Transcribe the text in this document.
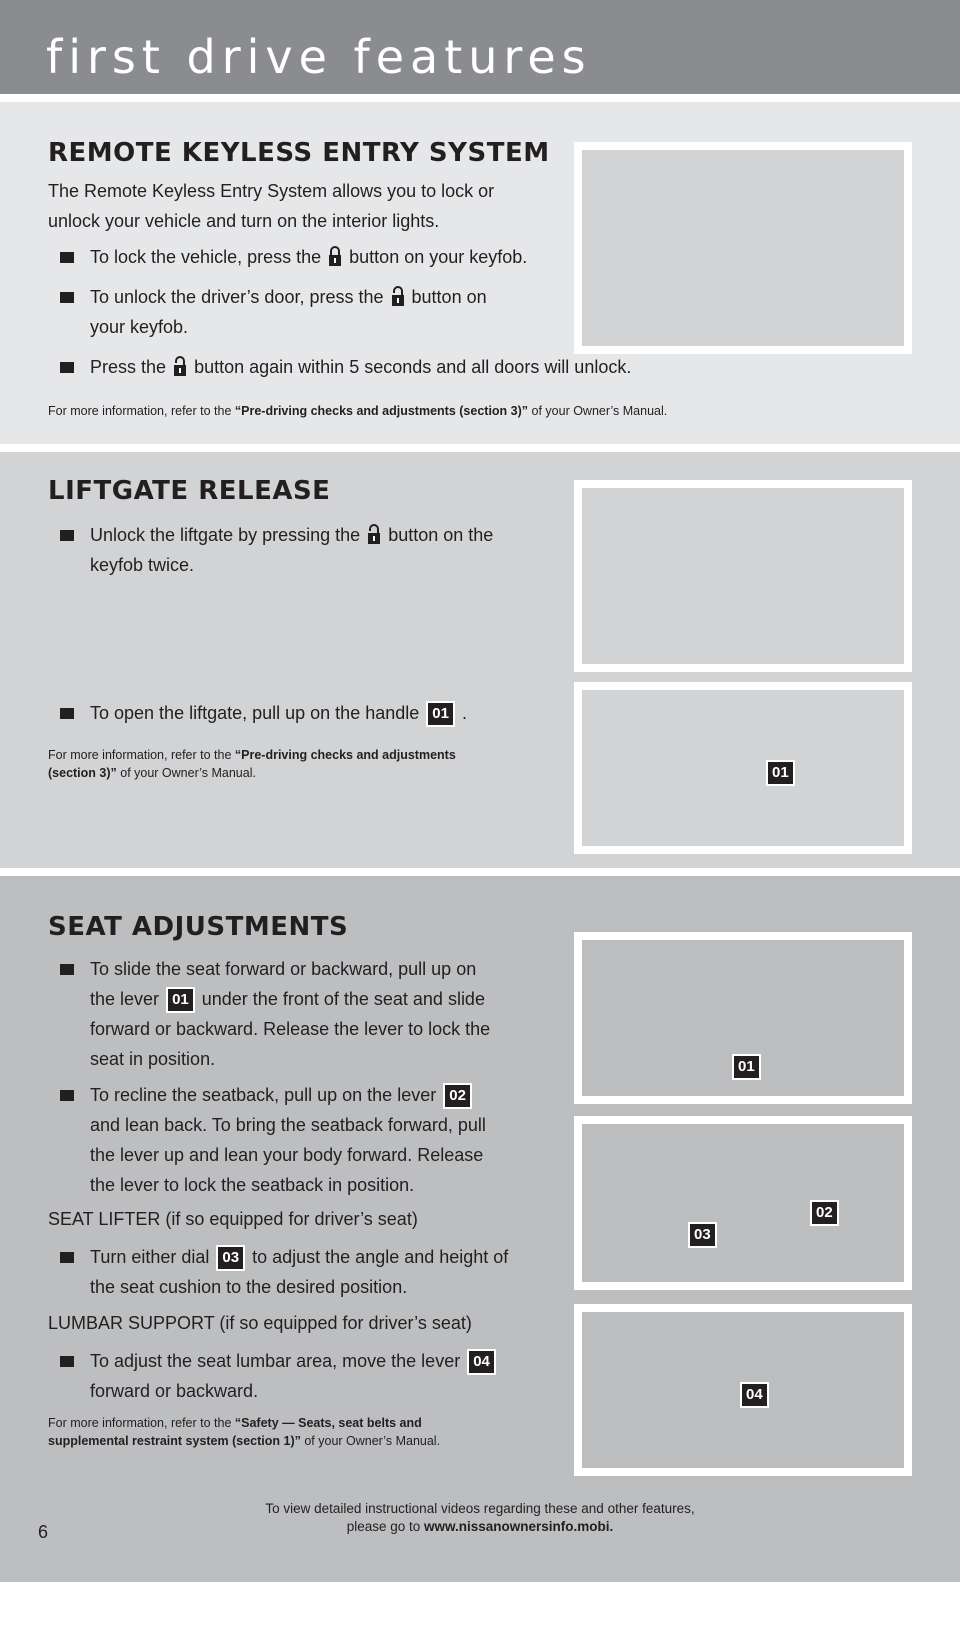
first drive features
REMOTE KEYLESS ENTRY SYSTEM
The Remote Keyless Entry System allows you to lock or
unlock your vehicle and turn on the interior lights.
To lock the vehicle, press the button on your keyfob.
To unlock the driver’s door, press the button on
your keyfob.
Press the button again within 5 seconds and all doors will unlock.
For more information, refer to the “Pre-driving checks and adjustments (section 3)” of your Owner’s Manual.
LIFTGATE RELEASE
Unlock the liftgate by pressing the button on the
keyfob twice.
To open the liftgate, pull up on the handle 01 .
For more information, refer to the “Pre-driving checks and adjustments
(section 3)” of your Owner’s Manual.	01
SEAT ADJUSTMENTS
To slide the seat forward or backward, pull up on
the lever 01 under the front of the seat and slide
forward or backward. Release the lever to lock the
seat in position.
To recline the seatback, pull up on the lever 02
and lean back. To bring the seatback forward, pull
the lever up and lean your body forward. Release
the lever to lock the seatback in position.
SEAT LIFTER (if so equipped for driver’s seat)
Turn either dial 03 to adjust the angle and height of
the seat cushion to the desired position.
LUMBAR SUPPORT (if so equipped for driver’s seat)
To adjust the seat lumbar area, move the lever 04
forward or backward.
For more information, refer to the “Safety — Seats, seat belts and
supplemental restraint system (section 1)” of your Owner’s Manual.
01
03
02
04
To view detailed instructional videos regarding these and other features,
please go to www.nissanownersinfo.mobi.
6
